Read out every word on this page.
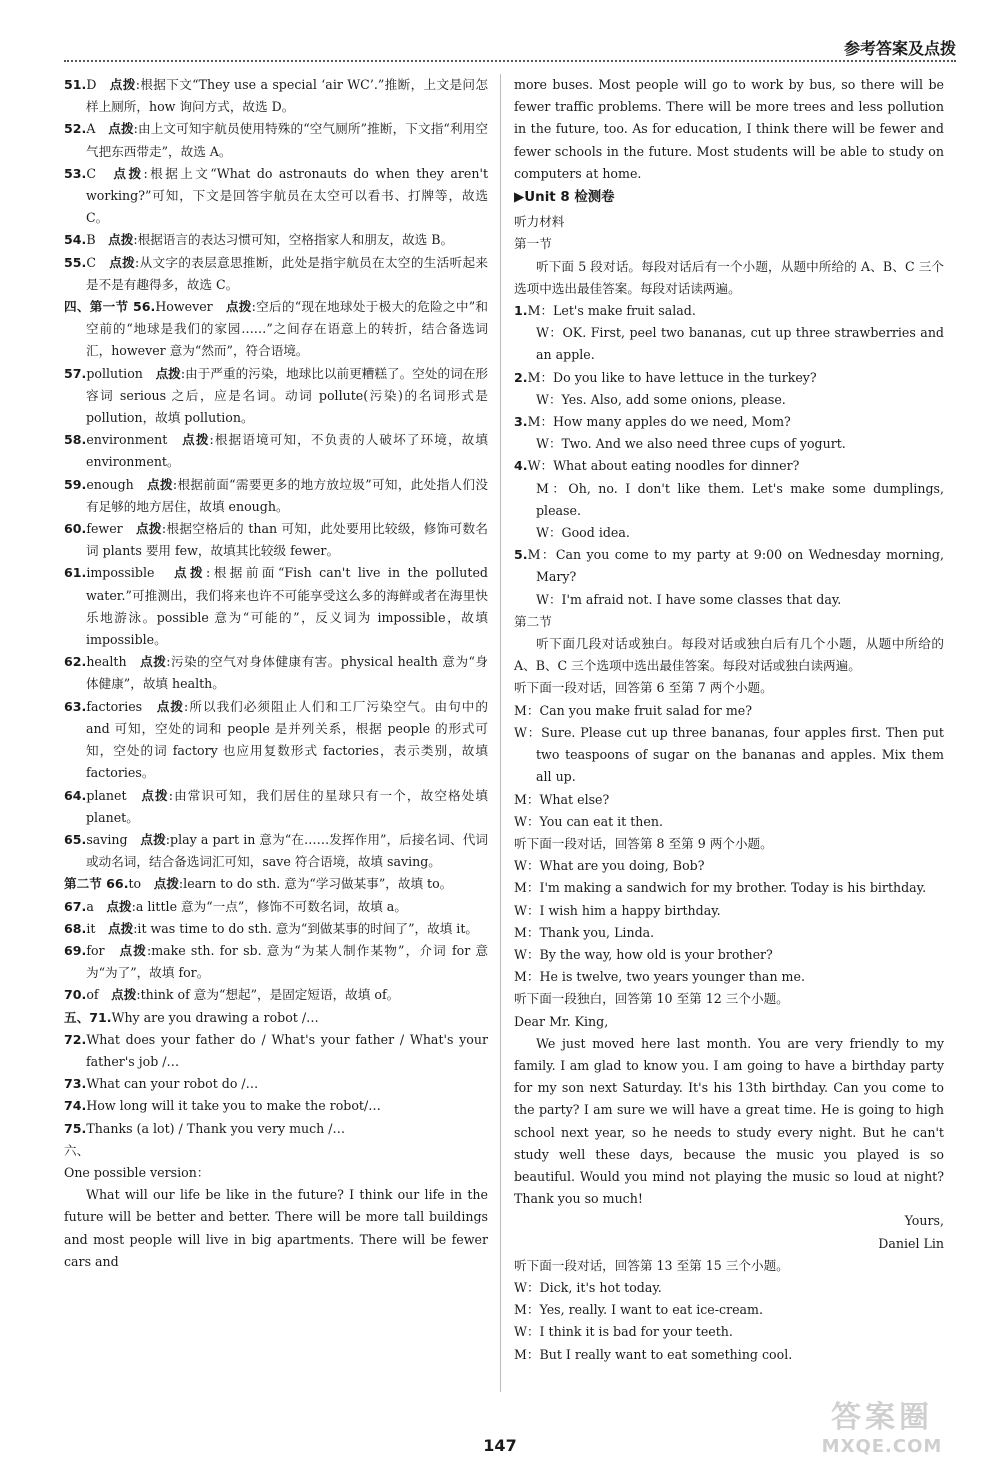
参考答案及点拨

51.D　点拨:根据下文“They use a special ‘air WC’.”推断，上文是问怎样上厕所，how 询问方式，故选 D。

52.A　点拨:由上文可知宇航员使用特殊的“空气厕所”推断，下文指“利用空气把东西带走”，故选 A。

53.C　点拨:根据上文“What do astronauts do when they aren't working?”可知，下文是回答宇航员在太空可以看书、打牌等，故选 C。

54.B　点拨:根据语言的表达习惯可知，空格指家人和朋友，故选 B。

55.C　点拨:从文字的表层意思推断，此处是指宇航员在太空的生活听起来是不是有趣得多，故选 C。

四、第一节 56.However　点拨:空后的“现在地球处于极大的危险之中”和空前的“地球是我们的家园……”之间存在语意上的转折，结合备选词汇，however 意为“然而”，符合语境。

57.pollution　点拨:由于严重的污染，地球比以前更糟糕了。空处的词在形容词 serious 之后，应是名词。动词 pollute(污染)的名词形式是 pollution，故填 pollution。

58.environment　点拨:根据语境可知，不负责的人破坏了环境，故填 environment。

59.enough　点拨:根据前面“需要更多的地方放垃圾”可知，此处指人们没有足够的地方居住，故填 enough。

60.fewer　点拨:根据空格后的 than 可知，此处要用比较级，修饰可数名词 plants 要用 few，故填其比较级 fewer。

61.impossible　点拨:根据前面“Fish can't live in the polluted water.”可推测出，我们将来也许不可能享受这么多的海鲜或者在海里快乐地游泳。possible 意为“可能的”，反义词为 impossible，故填 impossible。

62.health　点拨:污染的空气对身体健康有害。physical health 意为“身体健康”，故填 health。

63.factories　点拨:所以我们必须阻止人们和工厂污染空气。由句中的 and 可知，空处的词和 people 是并列关系，根据 people 的形式可知，空处的词 factory 也应用复数形式 factories，表示类别，故填 factories。

64.planet　点拨:由常识可知，我们居住的星球只有一个，故空格处填 planet。

65.saving　点拨:play a part in 意为“在……发挥作用”，后接名词、代词或动名词，结合备选词汇可知，save 符合语境，故填 saving。

第二节 66.to　点拨:learn to do sth. 意为“学习做某事”，故填 to。

67.a　点拨:a little 意为“一点”，修饰不可数名词，故填 a。

68.it　点拨:it was time to do sth. 意为“到做某事的时间了”，故填 it。

69.for　点拨:make sth. for sb. 意为“为某人制作某物”，介词 for 意为“为了”，故填 for。

70.of　点拨:think of 意为“想起”，是固定短语，故填 of。

五、71.Why are you drawing a robot /…

72.What does your father do / What's your father / What's your father's job /…

73.What can your robot do /…

74.How long will it take you to make the robot/…

75.Thanks (a lot) / Thank you very much /…

六、

One possible version：

What will our life be like in the future? I think our life in the future will be better and better. There will be more tall buildings and most people will live in big apartments. There will be fewer cars and

more buses. Most people will go to work by bus, so there will be fewer traffic problems. There will be more trees and less pollution in the future, too. As for education, I think there will be fewer and fewer schools in the future. Most students will be able to study on computers at home.

▶Unit 8 检测卷

听力材料

第一节

听下面 5 段对话。每段对话后有一个小题，从题中所给的 A、B、C 三个选项中选出最佳答案。每段对话读两遍。

1.M：Let's make fruit salad.

W：OK. First, peel two bananas, cut up three strawberries and an apple.

2.M：Do you like to have lettuce in the turkey?

W：Yes. Also, add some onions, please.

3.M：How many apples do we need, Mom?

W：Two. And we also need three cups of yogurt.

4.W：What about eating noodles for dinner?

M：Oh, no. I don't like them. Let's make some dumplings, please.

W：Good idea.

5.M：Can you come to my party at 9:00 on Wednesday morning, Mary?

W：I'm afraid not. I have some classes that day.

第二节

听下面几段对话或独白。每段对话或独白后有几个小题，从题中所给的 A、B、C 三个选项中选出最佳答案。每段对话或独白读两遍。

听下面一段对话，回答第 6 至第 7 两个小题。

M：Can you make fruit salad for me?

W：Sure. Please cut up three bananas, four apples first. Then put two teaspoons of sugar on the bananas and apples. Mix them all up.

M：What else?

W：You can eat it then.

听下面一段对话，回答第 8 至第 9 两个小题。

W：What are you doing, Bob?

M：I'm making a sandwich for my brother. Today is his birthday.

W：I wish him a happy birthday.

M：Thank you, Linda.

W：By the way, how old is your brother?

M：He is twelve, two years younger than me.

听下面一段独白，回答第 10 至第 12 三个小题。

Dear Mr. King,

We just moved here last month. You are very friendly to my family. I am glad to know you. I am going to have a birthday party for my son next Saturday. It's his 13th birthday. Can you come to the party? I am sure we will have a great time. He is going to high school next year, so he needs to study every night. But he can't study well these days, because the music you played is so beautiful. Would you mind not playing the music so loud at night? Thank you so much!

Yours,

Daniel Lin

听下面一段对话，回答第 13 至第 15 三个小题。

W：Dick, it's hot today.

M：Yes, really. I want to eat ice-cream.

W：I think it is bad for your teeth.

M：But I really want to eat something cool.

147
答案圈
MXQE.COM
